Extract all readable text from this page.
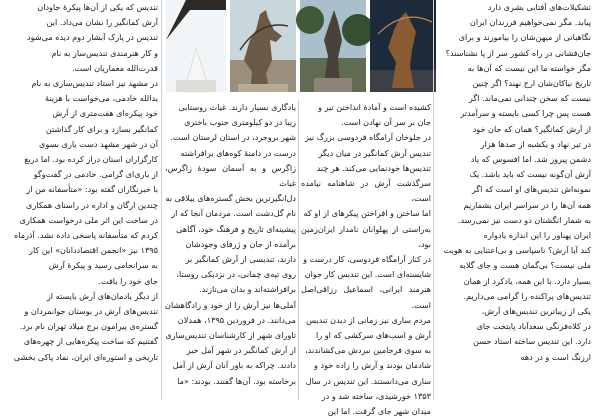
تشکیلات‌های آفتابی بشری دارد

پیابد. مگر نمی‌خواهیم فرزندان ایران

نگاهبانی از میهن‌شان را بیاموزند و برای

جان‌فشانی در راه کشور سر از پا نشناسند؟

مگر خواسته ما این نیست که آن‌ها به

تاریخ نیاکان‌شان ارج نهند؟ اگر چنین

نیست که سخن چندانی نمی‌ماند. اگر

هست پس چرا کسی بایسته و سرآمدتر

از آرش کمانگیر؟ همان که جان خود

در تیر نهاد و یکشبه از صدها هزار

دشمن پیروز شد. اما افسوس که یاد

آرش آن‌گونه نیست که باید باشد. یک

نمونه‌اش تندیس‌های او است که اگر

همه آن‌ها را در سراسر ایران بشماریم

به شمار انگشتان دو دست نیز نمی‌رسد.

ایران پهناور را این اندازه یادواره

کند آیا آرش؟ ناسپاسی و بی‌اعتنایی به هویت

ملی نیست؟ بی‌گمان هست و جای گلایه

بسیار دارد. با این همه، یادکرد از همان

تندیس‌های پراکنده را گرامی می‌داریم.

یکی از زیباترین تندیس‌های آرش،

در کلاه‌فرنگی سعدآباد پایتخت جای

دارد. این تندیس ساخته استاد حسن

ارزنگ است و در دهه

کشیده است و آمادهٔ انداختن تیر و

جان بر سر آن نهادن است.

در جلوخان آرامگاه فردوسی بزرگ نیز

تندیس آرش کمانگیر در میان دیگر

تندیس‌ها خودنمایی می‌کند. هر چند

سرگذشت آرش در شاهنامه نیامده است،

اما ساختن و افراختن پیکرهای از او که

به‌راستی از پهلوانان نامدار ایران‌زمین بود،

در کنار آرامگاه فردوسی، کار درست و

شایسته‌ای است. این تندیس کار جوان

هنرمند ایرانی، اسماعیل رزاقی‌اصل است.

مردم ساری نیز زمانی از دیدن تندیس

آرش و اسب‌های سرکشی که او را

به سوی فرجامین نبردش می‌کشاندند،

شادمان بودند و آرش را زاده خود و

ساری می‌دانستند. این تندیس در سال

۱۳۵۳ خورشیدی، ساخته شد و در

میدان شهر جای گرفت. اما این

یادگاری بسیار دارند. غیاث روستایی

زیبا در دو کیلومتری جنوب باختری

شهر بروجرد، در استان لرستان است.

درست در دامنهٔ کوه‌های برافراشته

زاگرس و به آسمان سودهٔ زاگرس، غیاث

دل‌انگیزترین بخش گستره‌های ییلاقی به

نام گل‌دشت است. مردمان آنجا که از

پیشینه‌ای تاریخ و فرهنگ خود، آگاهی

برآمده از جان و ژرفای وجودشان

دارند، تندیسی از آرش کمانگیر بر

روی تپه‌ی چمانی، در نزدیکی روستا،

برافراشته‌اند و بدان می‌نازند.

آملی‌ها نیز آرش را از خود و زادگاهشان

می‌دانند. در فروردین ۱۳۹۵، همدلان

تاورای شهر از کارشناسان تندیس‌سازی

از آرش کمانگیر در شهر آمل خبر

دادند. چراکه به باور آنان آرش از آمل

برخاسته بود. آن‌ها گفتند. بودند: «ما

تندیس که یکی از آن‌ها پیکرهٔ جاودان

آرش کمانگیر را نشان می‌داد. این

تندیس در پارک آبشار دوم دیده می‌شود

و کار هنرمندی تندیس‌ساز به نام

قدرت‌الله معماریان است.

در مشهد نیز استاد تندیس‌سازی به نام

یدالله خادمی، می‌خواست با هزینهٔ

خود پیکره‌ای هفت‌متری از آرش

کمانگیر بسازد و برای کار گذاشتن

آن در شهر مشهد دست یاری بسوی

کارگزاران استان دراز کرده بود. اما دریغ

از یاری‌ای گرامی. خادمی در گفت‌وگو

با خبرنگاران گفته بود: «متأسفانه من از

چندین ارگان و اداره در راستای همکاری

در ساخت این اثر ملی درخواست همکاری

کردم که متأسفانه پاسخی داده نشد. آذرماه

۱۳۹۵ نیز «انجمن اقتصاددانان» این کار

به سرانجامی رسید و پیکرهٔ آرش

جای خود را یافت.

از دیگر یادمان‌های آرش بایسته از

تندیس‌های آرش در بوستان جوانمردان و

گستره‌ی پیرامون برج میلاد تهران نام برد.

گفتنیم که ساخت پیکره‌هایی از چهره‌های

تاریخی و استوره‌ای ایران، نماد پاکی بخشی
